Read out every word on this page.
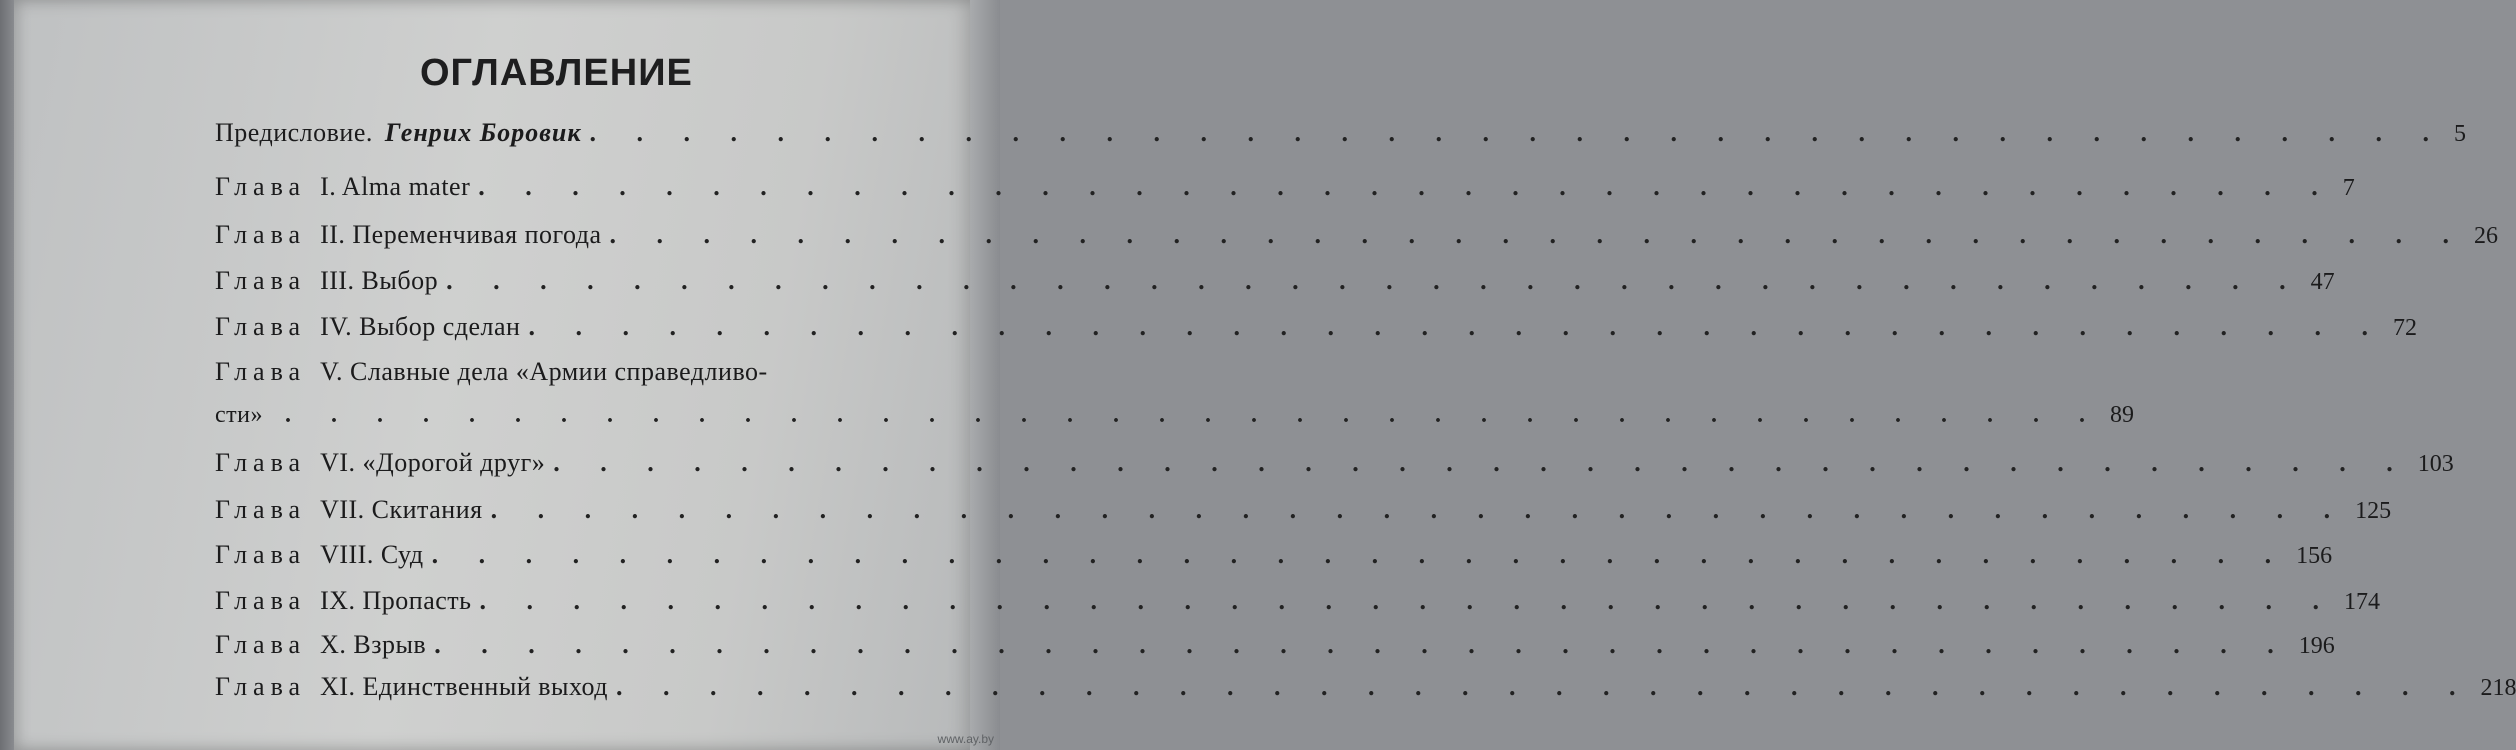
ОГЛАВЛЕНИЕ
Предисловие. Генрих Боровик . . . . . . . . . . . . . . . . . . . . . . . . . . . . . . . . . . . . . . . . 5
Глава I. Alma mater . . . . . . . . . . . . . . . . . . . . . . . . . . . . . . . . . . . . . . . . 7
Глава II. Переменчивая погода . . . . . . . . . . . . . . . . . . . . . . . . . . . . . . . . . . . . . . . . 26
Глава III. Выбор . . . . . . . . . . . . . . . . . . . . . . . . . . . . . . . . . . . . . . . . 47
Глава IV. Выбор сделан . . . . . . . . . . . . . . . . . . . . . . . . . . . . . . . . . . . . . . . . 72
Глава V. Славные дела «Армии справедливо-
сти» . . . . . . . . . . . . . . . . . . . . . . . . . . . . . . . . . . . . . . . . 89
Глава VI. «Дорогой друг» . . . . . . . . . . . . . . . . . . . . . . . . . . . . . . . . . . . . . . . . 103
Глава VII. Скитания . . . . . . . . . . . . . . . . . . . . . . . . . . . . . . . . . . . . . . . . 125
Глава VIII. Суд . . . . . . . . . . . . . . . . . . . . . . . . . . . . . . . . . . . . . . . . 156
Глава IX. Пропасть . . . . . . . . . . . . . . . . . . . . . . . . . . . . . . . . . . . . . . . . 174
Глава X. Взрыв . . . . . . . . . . . . . . . . . . . . . . . . . . . . . . . . . . . . . . . . 196
Глава XI. Единственный выход . . . . . . . . . . . . . . . . . . . . . . . . . . . . . . . . . . . . . . . . 218
www.ay.by
